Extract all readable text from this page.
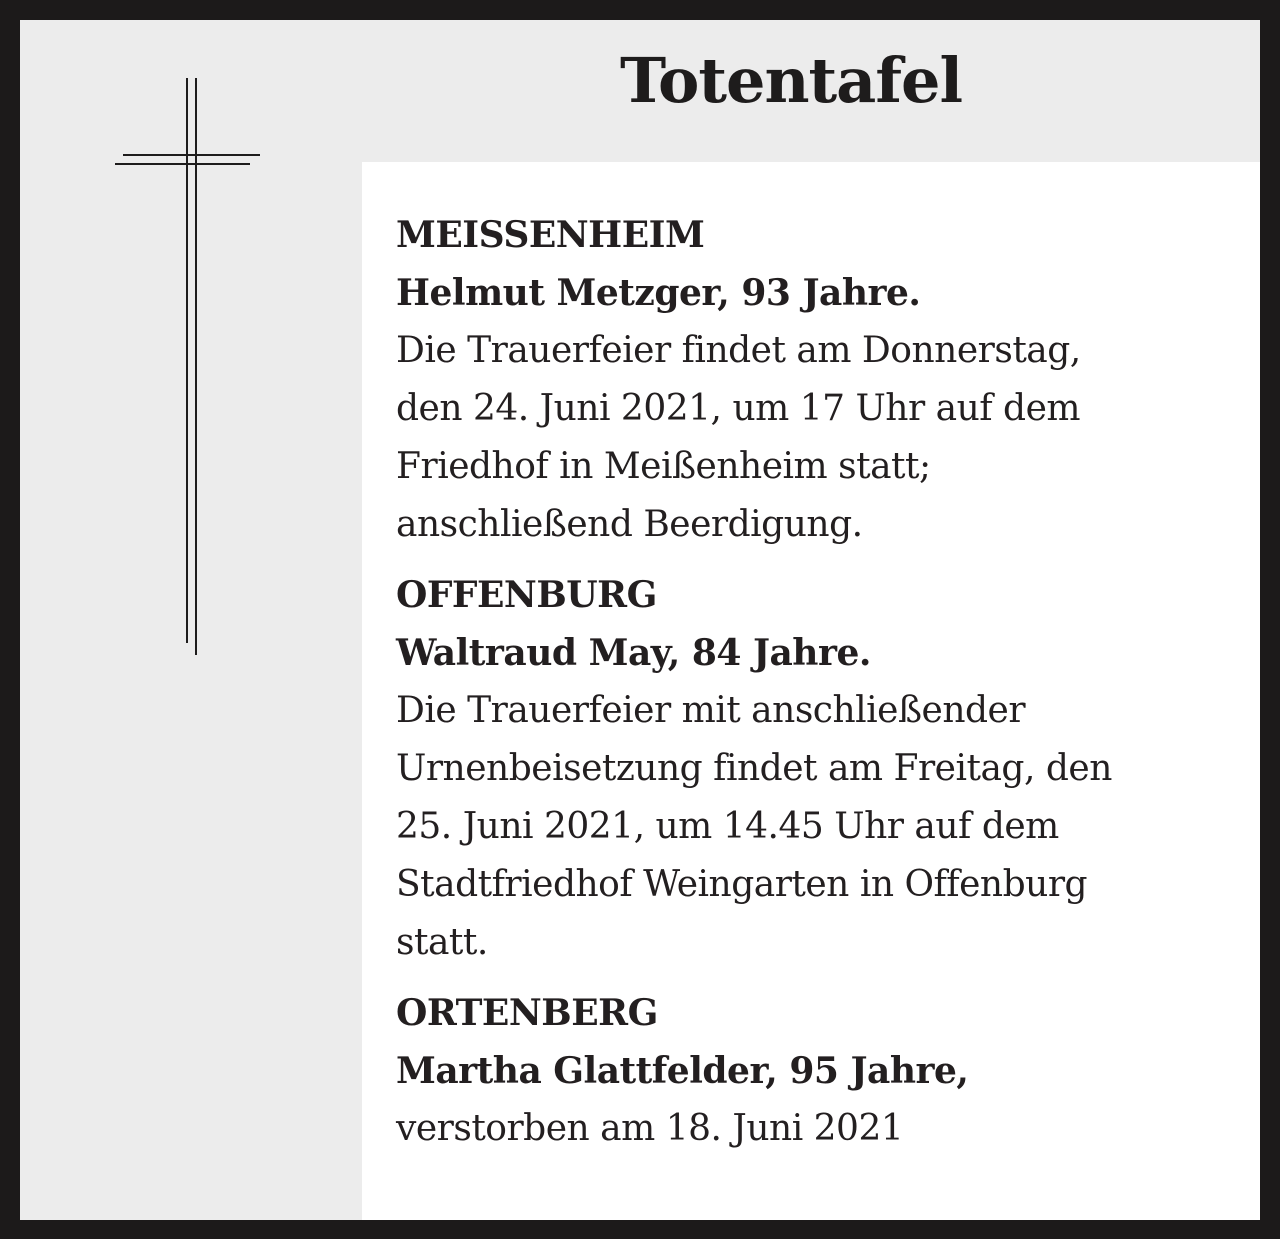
Totentafel
MEISSENHEIM
Helmut Metzger, 93 Jahre.
Die Trauerfeier findet am Donnerstag,
den 24. Juni 2021, um 17 Uhr auf dem
Friedhof in Meißenheim statt;
anschließend Beerdigung.
OFFENBURG
Waltraud May, 84 Jahre.
Die Trauerfeier mit anschließender
Urnenbeisetzung findet am Freitag, den
25. Juni 2021, um 14.45 Uhr auf dem
Stadtfriedhof Weingarten in Offenburg
statt.
ORTENBERG
Martha Glattfelder, 95 Jahre,
verstorben am 18. Juni 2021
